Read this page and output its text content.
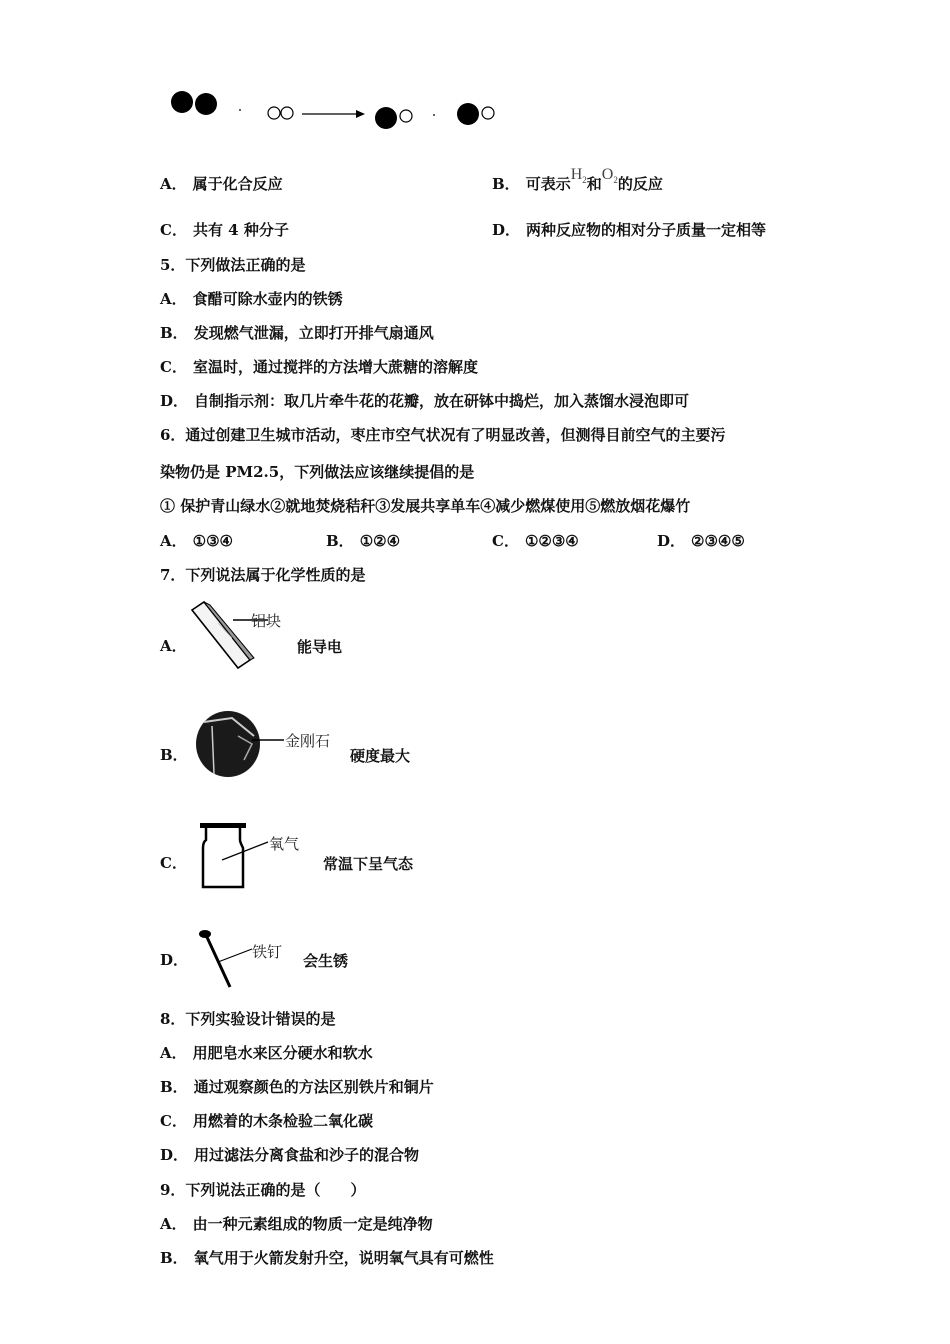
A． 属于化合反应	B． 可表示$H_2$和$O_2$的反应
C． 共有 4 种分子	D． 两种反应物的相对分子质量一定相等
5．下列做法正确的是
A． 食醋可除水壶内的铁锈
B． 发现燃气泄漏，立即打开排气扇通风
C． 室温时，通过搅拌的方法增大蔗糖的溶解度
D． 自制指示剂：取几片牵牛花的花瓣，放在研钵中捣烂，加入蒸馏水浸泡即可
6．通过创建卫生城市活动，枣庄市空气状况有了明显改善，但测得目前空气的主要污
染物仍是 PM2.5，下列做法应该继续提倡的是
① 保护青山绿水②就地焚烧秸秆③发展共享单车④减少燃煤使用⑤燃放烟花爆竹
A． ①③④	B． ①②④	C． ①②③④	D． ②③④⑤
7．下列说法属于化学性质的是
A．
铝块
能导电
B．
金刚石
硬度最大
C．
氧气
常温下呈气态
D．	铁钉 会生锈
8．下列实验设计错误的是
A． 用肥皂水来区分硬水和软水
B． 通过观察颜色的方法区别铁片和铜片
C． 用燃着的木条检验二氧化碳
D． 用过滤法分离食盐和沙子的混合物
9．下列说法正确的是（　　）
A． 由一种元素组成的物质一定是纯净物
B． 氧气用于火箭发射升空，说明氧气具有可燃性
